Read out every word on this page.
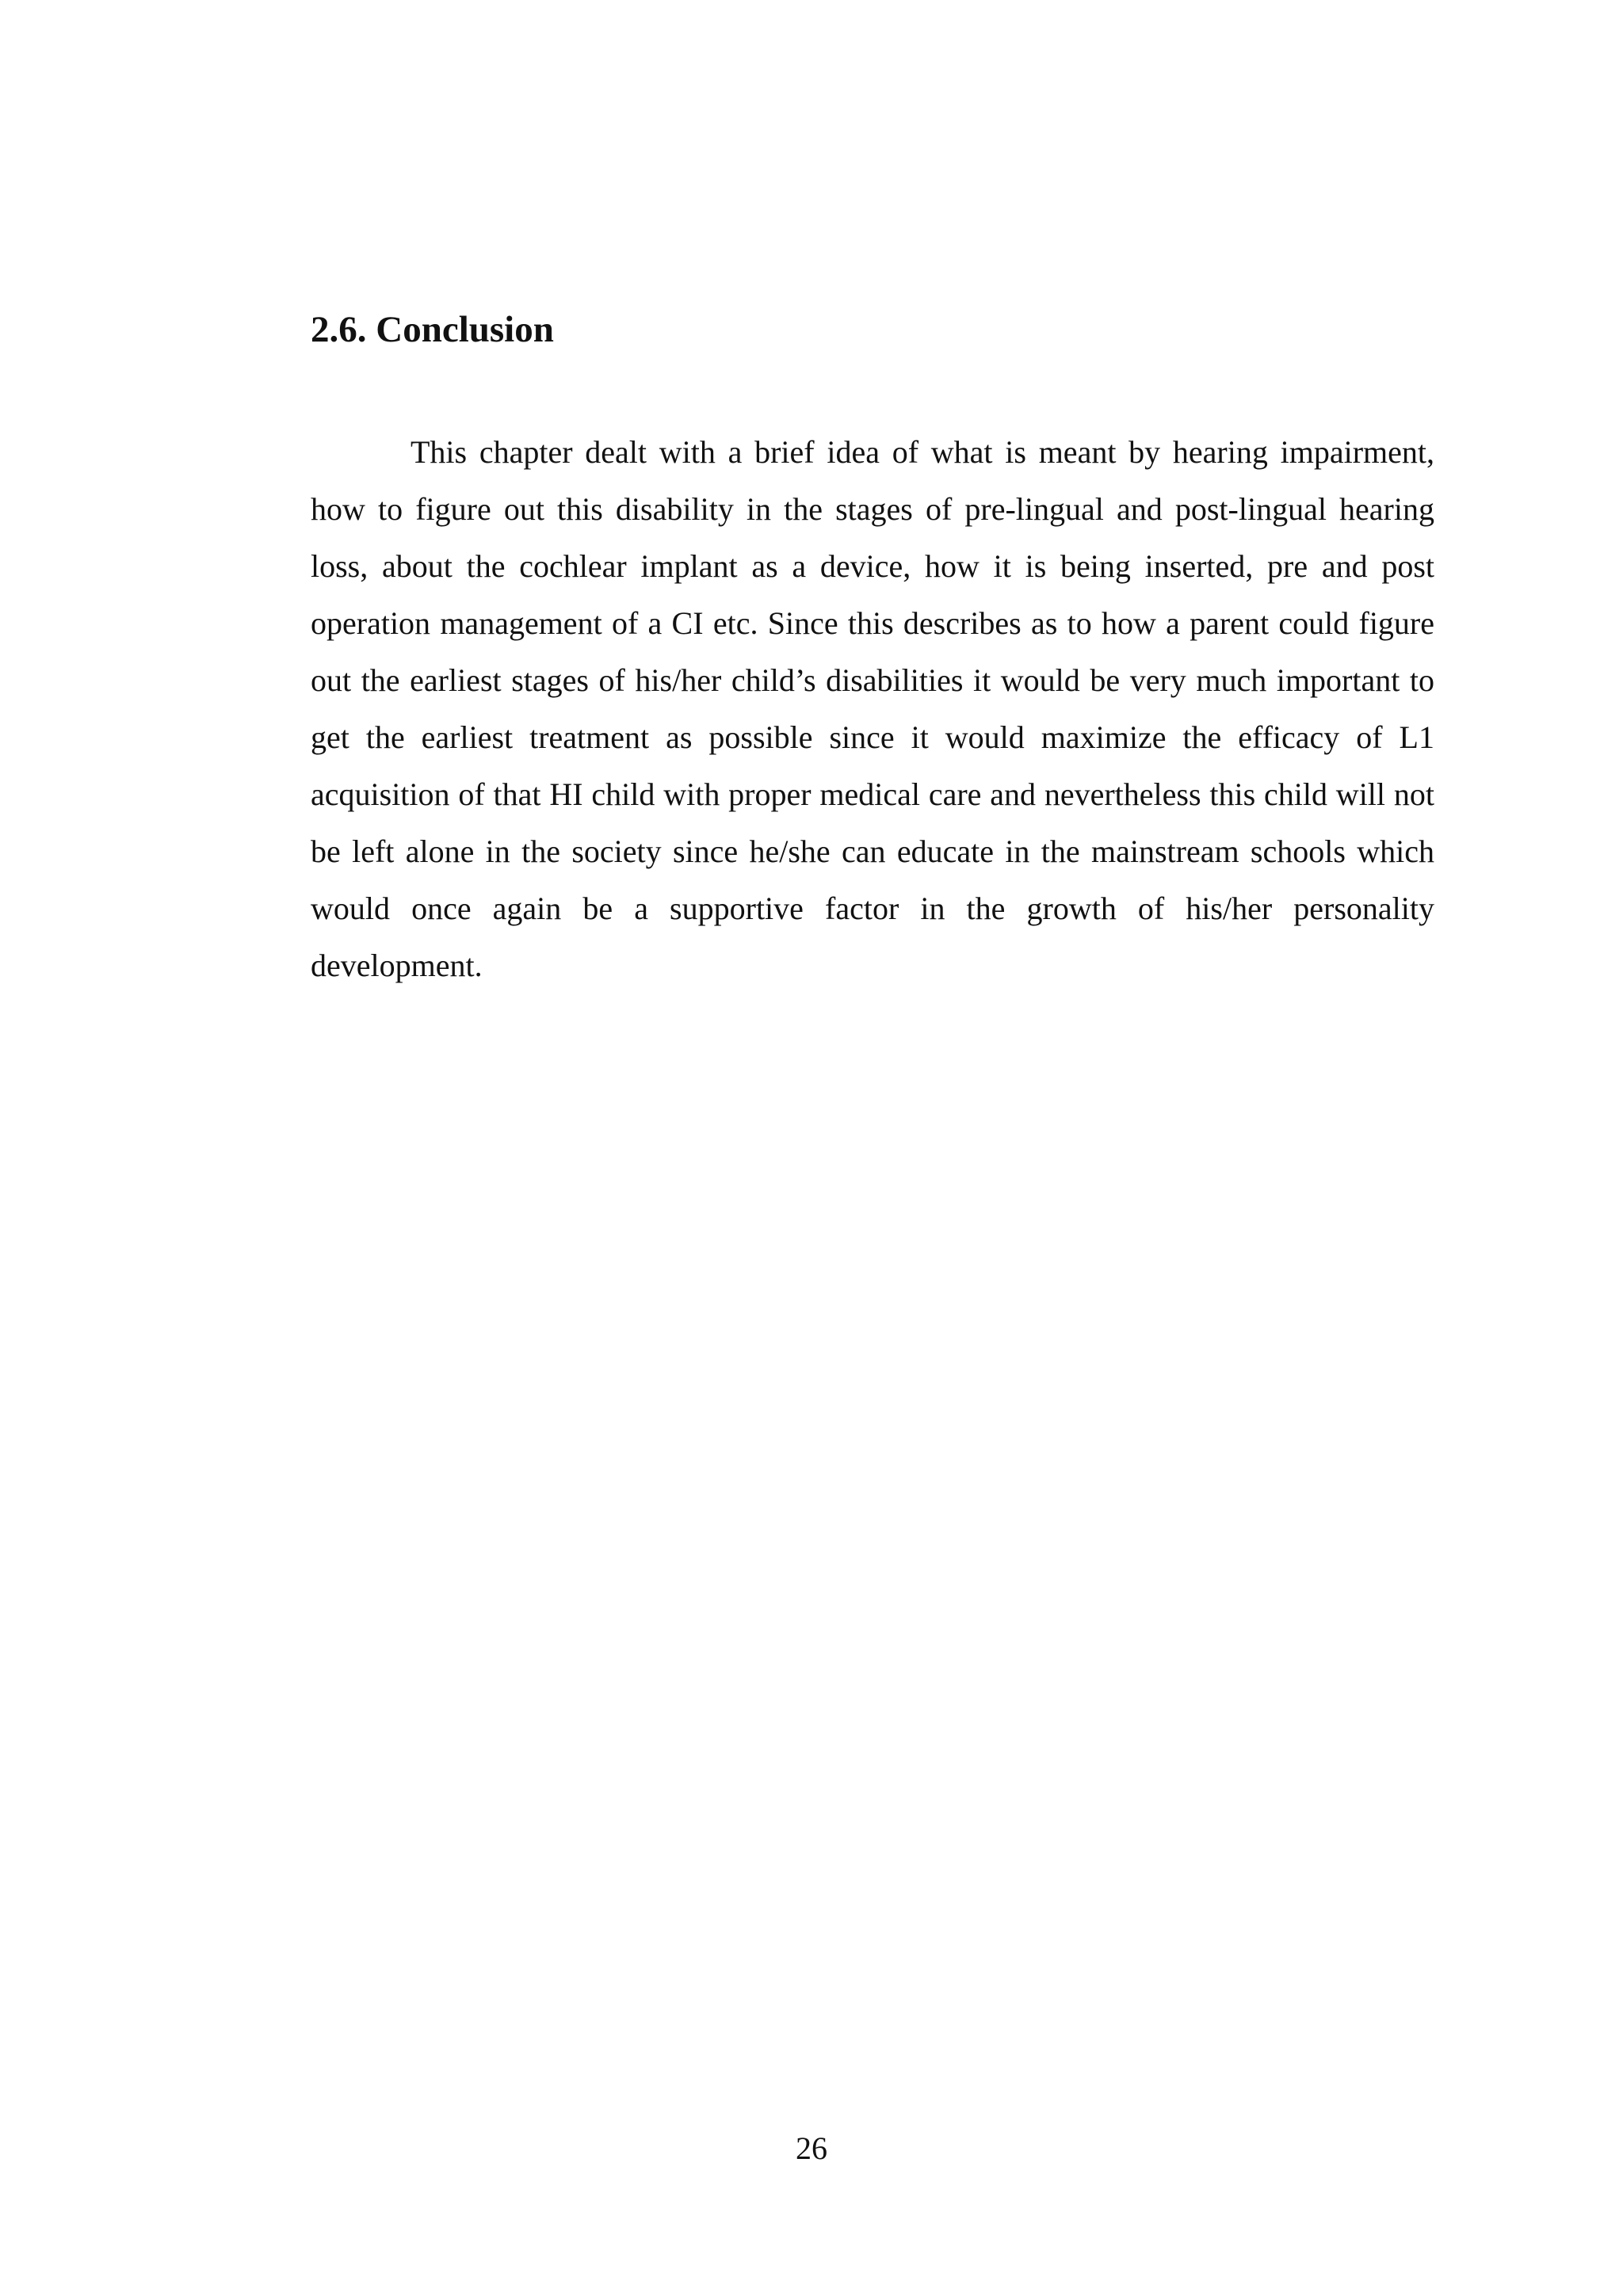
2.6. Conclusion

This chapter dealt with a brief idea of what is meant by hearing impairment, how to figure out this disability in the stages of pre-lingual and post-lingual hearing loss, about the cochlear implant as a device, how it is being inserted, pre and post operation management of a CI etc. Since this describes as to how a parent could figure out the earliest stages of his/her child’s disabilities it would be very much important to get the earliest treatment as possible since it would maximize the efficacy of L1 acquisition of that HI child with proper medical care and nevertheless this child will not be left alone in the society since he/she can educate in the mainstream schools which would once again be a supportive factor in the growth of his/her personality development.

26
